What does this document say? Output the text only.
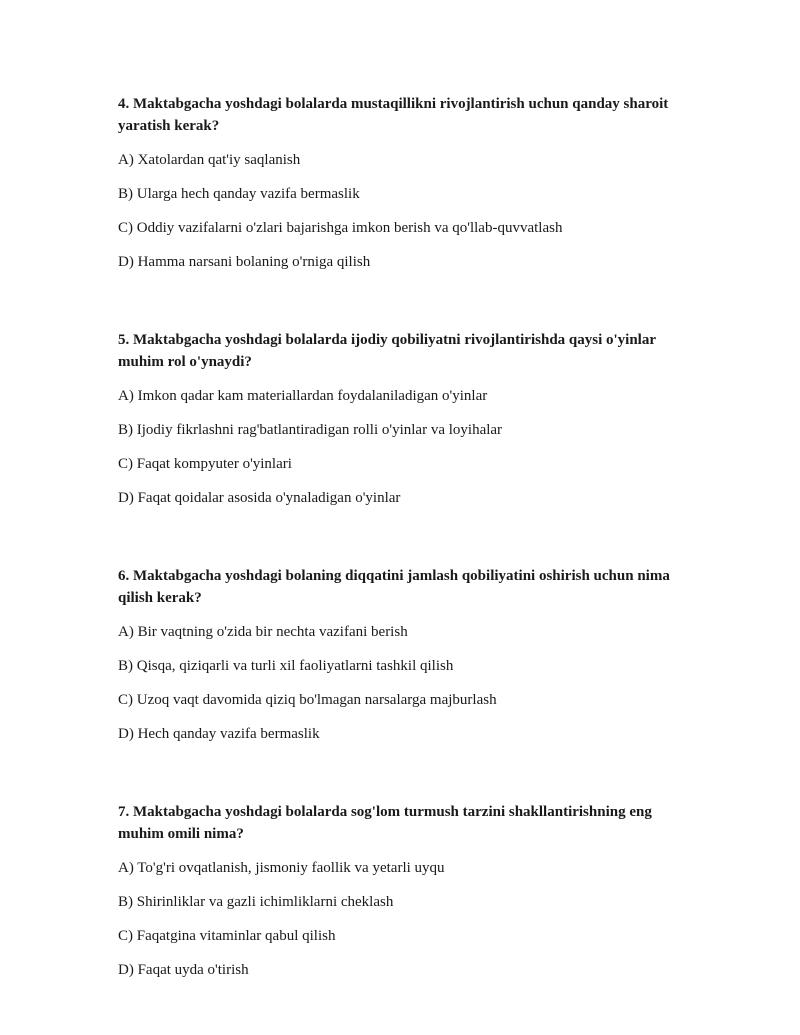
4. Maktabgacha yoshdagi bolalarda mustaqillikni rivojlantirish uchun qanday sharoit yaratish kerak?

A) Xatolardan qat'iy saqlanish

B) Ularga hech qanday vazifa bermaslik

C) Oddiy vazifalarni o'zlari bajarishga imkon berish va qo'llab-quvvatlash

D) Hamma narsani bolaning o'rniga qilish

5. Maktabgacha yoshdagi bolalarda ijodiy qobiliyatni rivojlantirishda qaysi o'yinlar muhim rol o'ynaydi?

A) Imkon qadar kam materiallardan foydalaniladigan o'yinlar

B) Ijodiy fikrlashni rag'batlantiradigan rolli o'yinlar va loyihalar

C) Faqat kompyuter o'yinlari

D) Faqat qoidalar asosida o'ynaladigan o'yinlar

6. Maktabgacha yoshdagi bolaning diqqatini jamlash qobiliyatini oshirish uchun nima qilish kerak?

A) Bir vaqtning o'zida bir nechta vazifani berish

B) Qisqa, qiziqarli va turli xil faoliyatlarni tashkil qilish

C) Uzoq vaqt davomida qiziq bo'lmagan narsalarga majburlash

D) Hech qanday vazifa bermaslik

7. Maktabgacha yoshdagi bolalarda sog'lom turmush tarzini shakllantirishning eng muhim omili nima?

A) To'g'ri ovqatlanish, jismoniy faollik va yetarli uyqu

B) Shirinliklar va gazli ichimliklarni cheklash

C) Faqatgina vitaminlar qabul qilish

D) Faqat uyda o'tirish
